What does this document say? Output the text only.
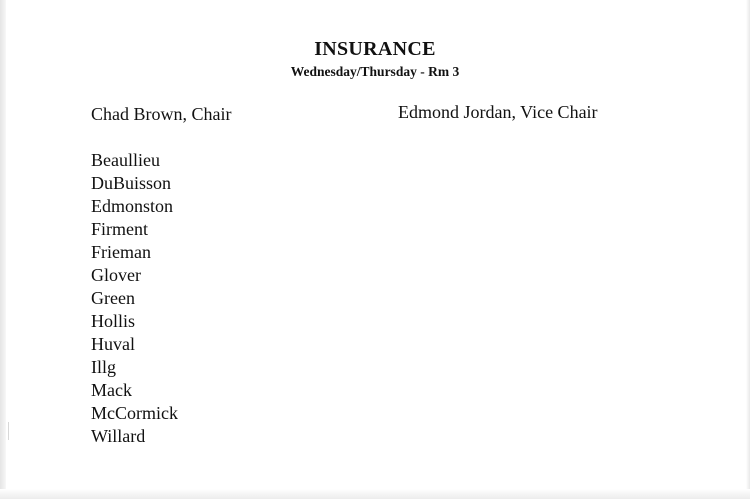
INSURANCE
Wednesday/Thursday - Rm 3
Chad Brown, Chair	Edmond Jordan, Vice Chair
Beaullieu
DuBuisson
Edmonston
Firment
Frieman
Glover
Green
Hollis
Huval
Illg
Mack
McCormick
Willard
